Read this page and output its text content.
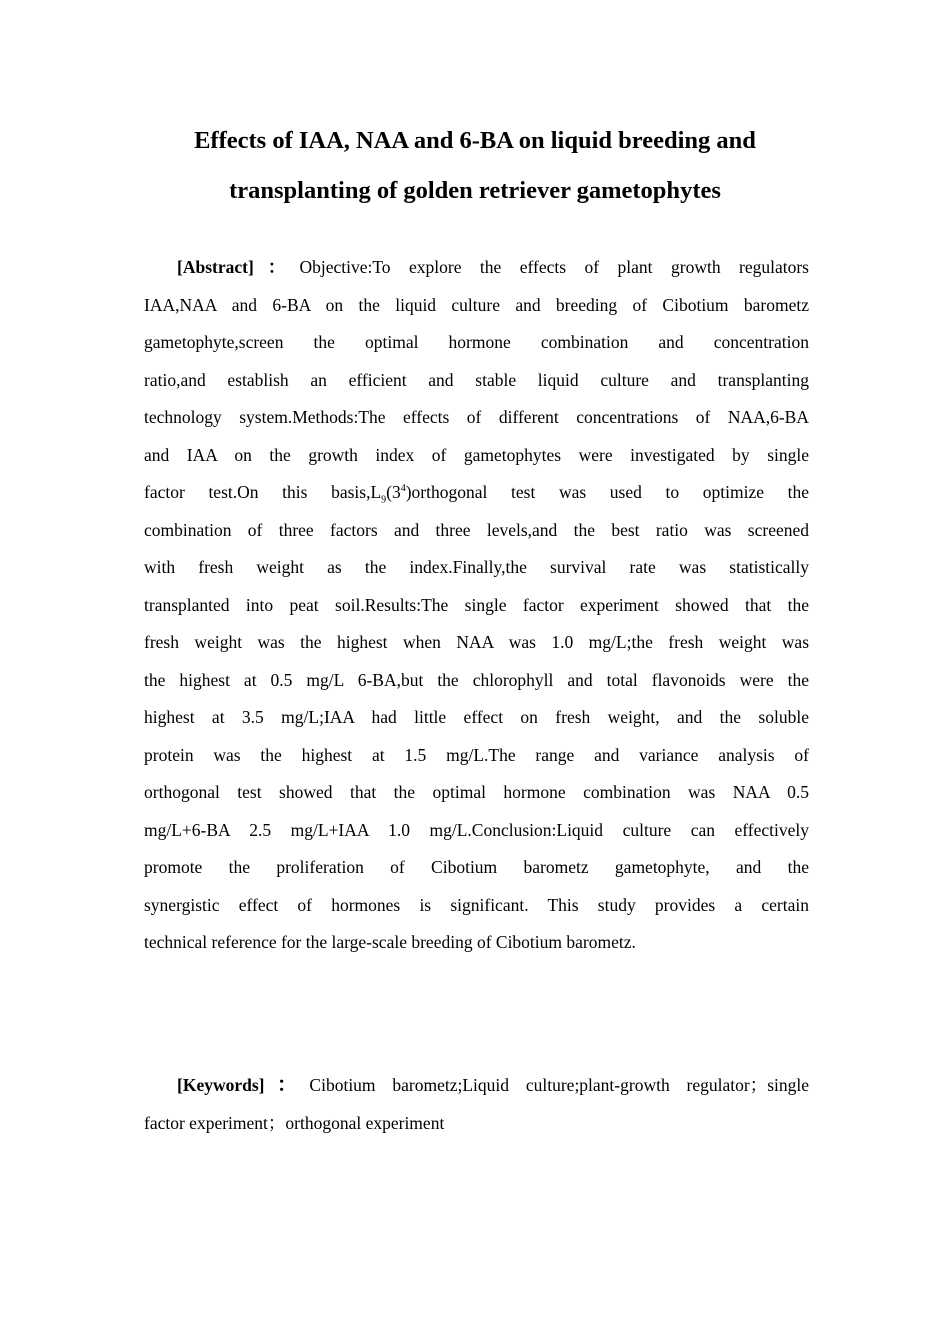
Effects of IAA, NAA and 6-BA on liquid breeding and
transplanting of golden retriever gametophytes
[Abstract]：Objective:To explore the effects of plant growth regulators
IAA,NAA and 6-BA on the liquid culture and breeding of Cibotium barometz
gametophyte,screen the optimal hormone combination and concentration
ratio,and establish an efficient and stable liquid culture and transplanting
technology system.Methods:The effects of different concentrations of NAA,6-BA
and IAA on the growth index of gametophytes were investigated by single
factor test.On this $basis,L_9(3^4)orthogonal$ test was used to optimize the
combination of three factors and three levels,and the best ratio was screened
with fresh weight as the index.Finally,the survival rate was statistically
transplanted into peat soil.Results:The single factor experiment showed that the
fresh weight was the highest when NAA was 1.0 mg/L;the fresh weight was
the highest at 0.5 mg/L 6-BA,but the chlorophyll and total flavonoids were the
highest at 3.5 mg/L;IAA had little effect on fresh weight, and the soluble
protein was the highest at 1.5 mg/L.The range and variance analysis of
orthogonal test showed that the optimal hormone combination was NAA 0.5
mg/L+6-BA 2.5 mg/L+IAA 1.0 mg/L.Conclusion:Liquid culture can effectively
promote the proliferation of Cibotium barometz gametophyte, and the
synergistic effect of hormones is significant. This study provides a certain
technical reference for the large-scale breeding of Cibotium barometz.
[Keywords]：Cibotium barometz;Liquid culture;plant-growth regulator；single
factor experiment；orthogonal experiment
